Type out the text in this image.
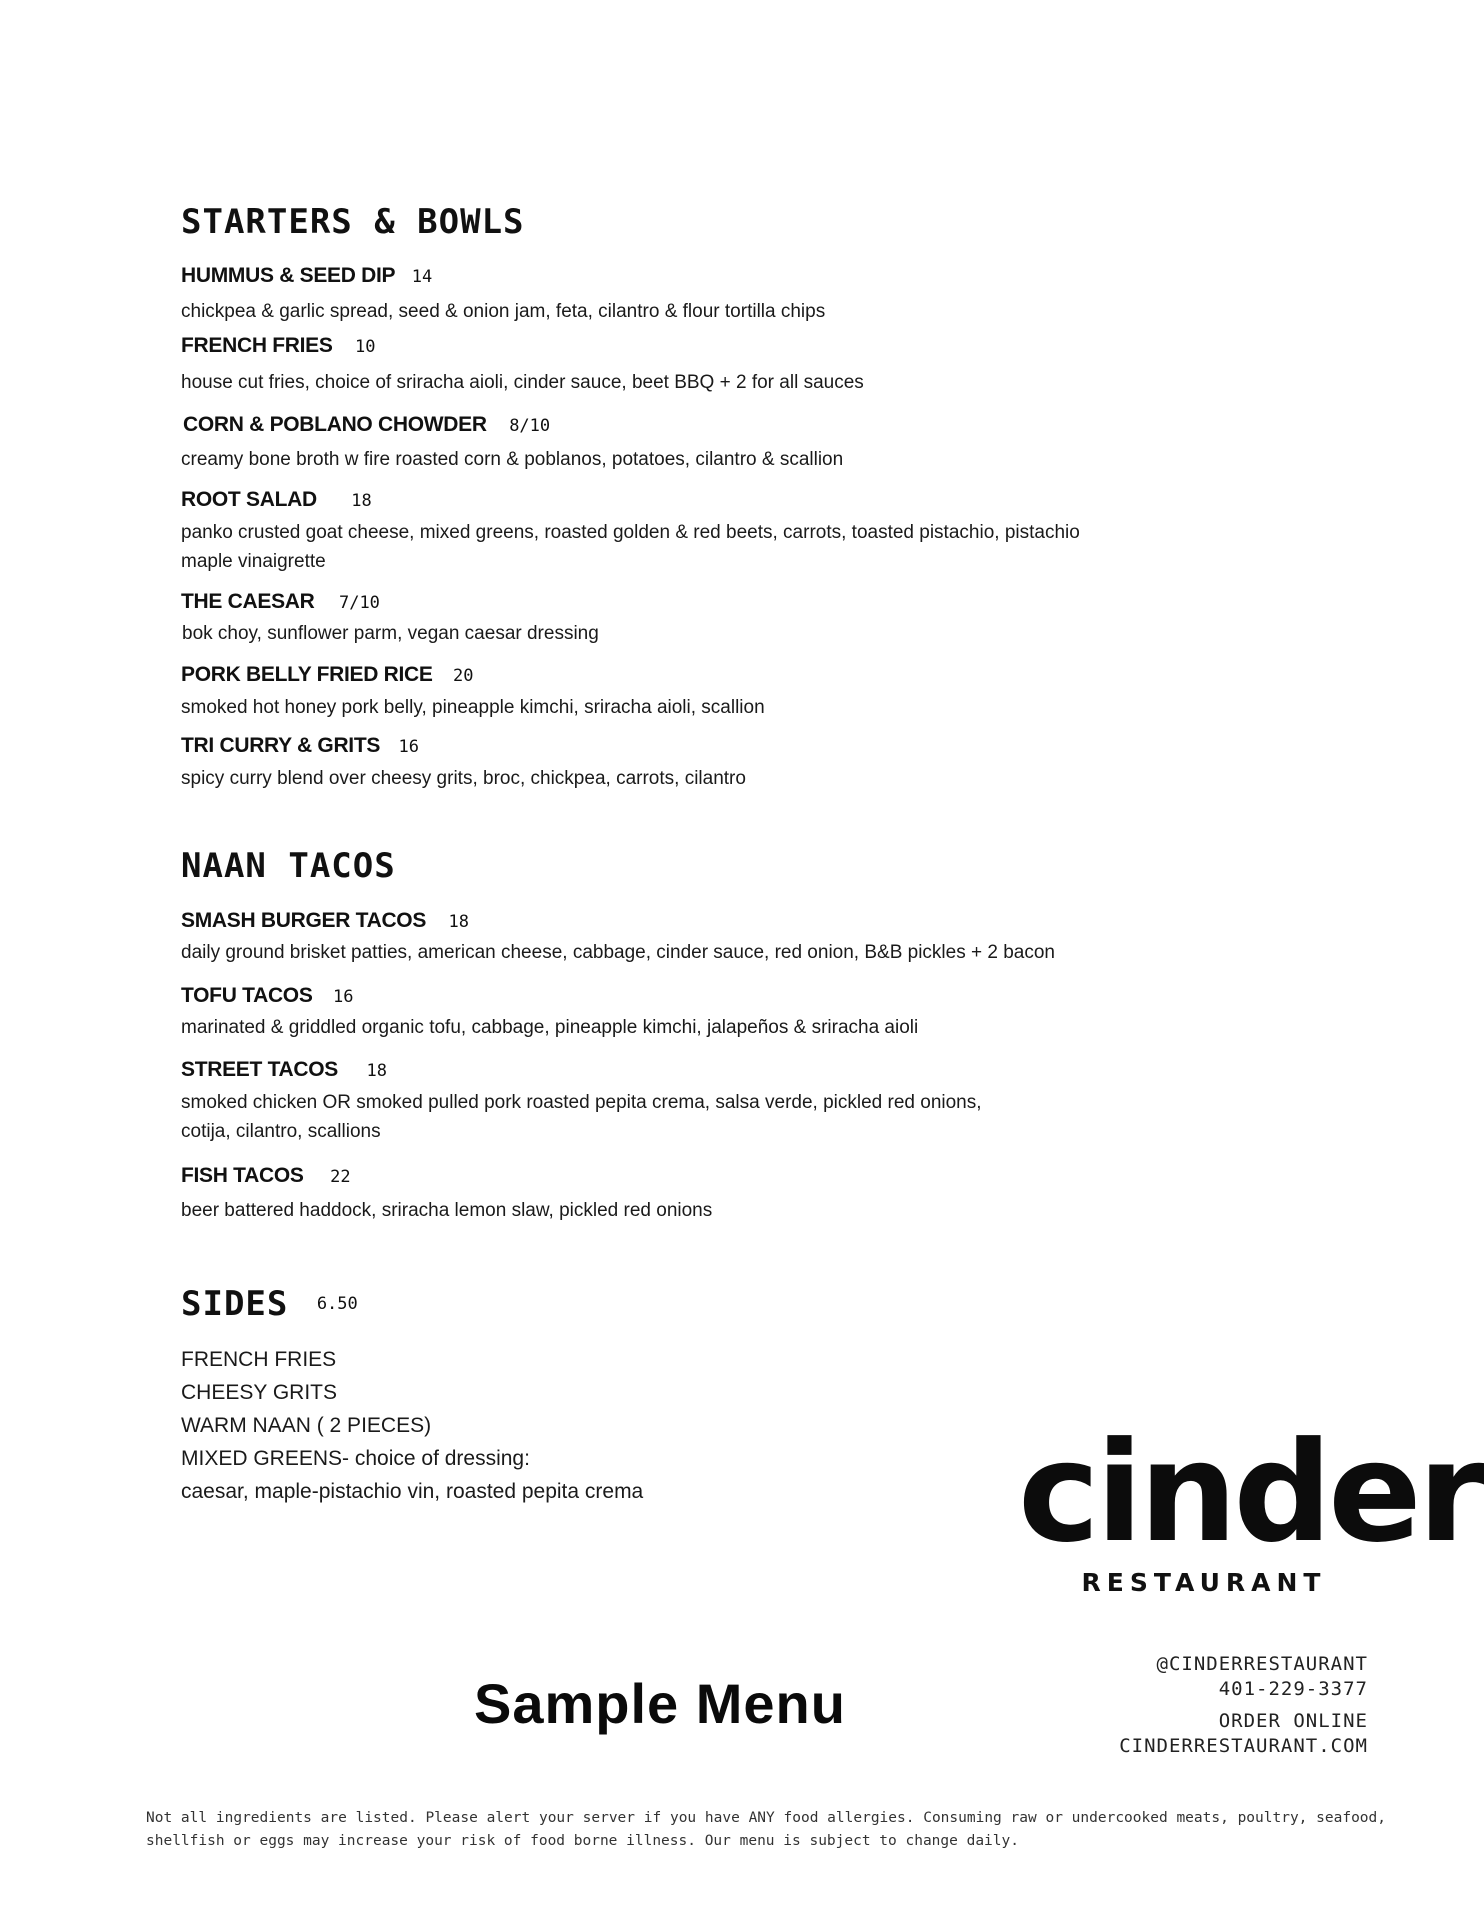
STARTERS & BOWLS
HUMMUS & SEED DIP 14
chickpea & garlic spread, seed & onion jam, feta, cilantro & flour tortilla chips
FRENCH FRIES 10
house cut fries, choice of sriracha aioli, cinder sauce, beet BBQ + 2 for all sauces
CORN & POBLANO CHOWDER 8/10
creamy bone broth w fire roasted corn & poblanos, potatoes, cilantro & scallion
ROOT SALAD 18
panko crusted goat cheese, mixed greens, roasted golden & red beets, carrots, toasted pistachio, pistachio
maple vinaigrette
THE CAESAR 7/10
bok choy, sunflower parm, vegan caesar dressing
PORK BELLY FRIED RICE 20
smoked hot honey pork belly, pineapple kimchi, sriracha aioli, scallion
TRI CURRY & GRITS 16
spicy curry blend over cheesy grits, broc, chickpea, carrots, cilantro
NAAN TACOS
SMASH BURGER TACOS 18
daily ground brisket patties, american cheese, cabbage, cinder sauce, red onion, B&B pickles + 2 bacon
TOFU TACOS 16
marinated & griddled organic tofu, cabbage, pineapple kimchi, jalapeños & sriracha aioli
STREET TACOS 18
smoked chicken OR smoked pulled pork roasted pepita crema, salsa verde, pickled red onions,
cotija, cilantro, scallions
FISH TACOS 22
beer battered haddock, sriracha lemon slaw, pickled red onions
SIDES 6.50
FRENCH FRIES
CHEESY GRITS
WARM NAAN ( 2 PIECES)
MIXED GREENS- choice of dressing:
caesar, maple-pistachio vin, roasted pepita crema	cinder
RESTAURANT
@CINDERRESTAURANT
401-229-3377
ORDER ONLINE
CINDERRESTAURANT.COM
Sample Menu
Not all ingredients are listed. Please alert your server if you have ANY food allergies. Consuming raw or undercooked meats, poultry, seafood, shellfish or eggs may increase your risk of food borne illness. Our menu is subject to change daily.
